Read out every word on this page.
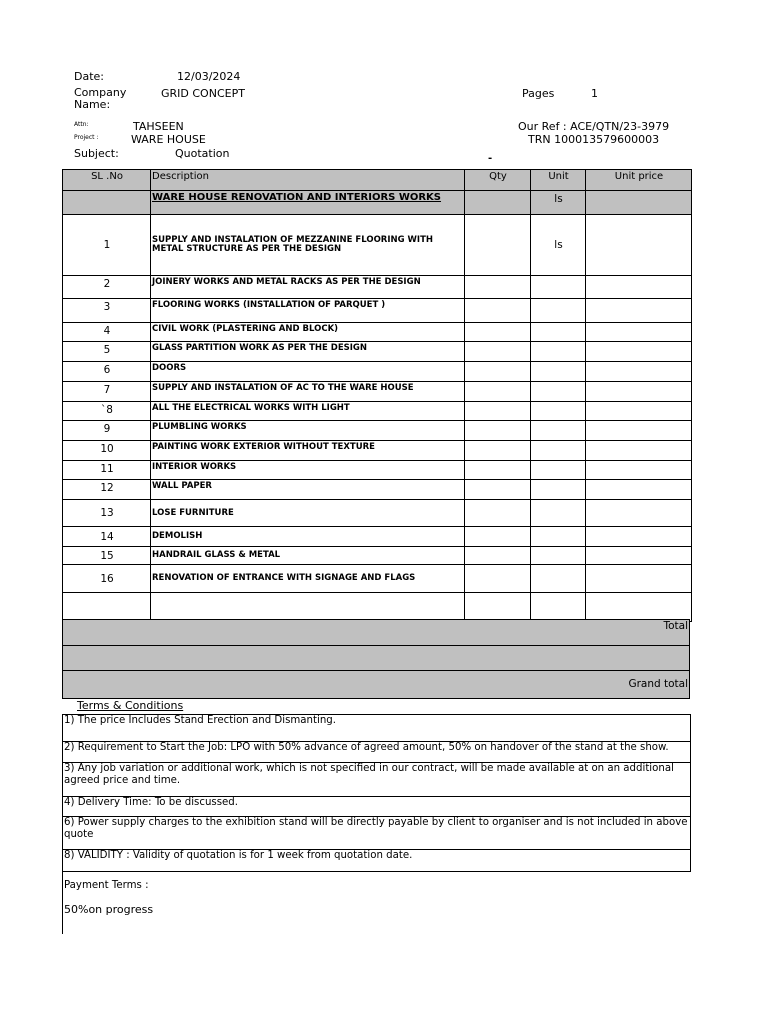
Date:	12/03/2024
Company Name:
GRID CONCEPT	Pages	1
Attn:	TAHSEEN	Our Ref : ACE/QTN/23-3979
Project :	WARE HOUSE	TRN 100013579600003
Subject:	Quotation	-
SL .No	Description	Qty	Unit	Unit price
	WARE HOUSE RENOVATION AND INTERIORS WORKS		ls	
1	SUPPLY AND INSTALATION OF MEZZANINE FLOORING WITH METAL STRUCTURE AS PER THE DESIGN		ls	
2	JOINERY WORKS AND METAL RACKS AS PER THE DESIGN			
3	FLOORING WORKS (INSTALLATION OF PARQUET )			
4	CIVIL WORK (PLASTERING AND BLOCK)			
5	GLASS PARTITION WORK AS PER THE DESIGN			
6	DOORS			
7	SUPPLY AND INSTALATION OF AC TO THE WARE HOUSE			
`8	ALL THE ELECTRICAL WORKS WITH LIGHT			
9	PLUMBLING WORKS			
10	PAINTING WORK EXTERIOR WITHOUT TEXTURE			
11	INTERIOR WORKS			
12	WALL PAPER			
13	LOSE FURNITURE			
14	DEMOLISH			
15	HANDRAIL GLASS & METAL			
16	RENOVATION OF ENTRANCE WITH SIGNAGE AND FLAGS			

Total
Grand total
Terms & Conditions
1) The price Includes Stand Erection and Dismanting.
2) Requirement to Start the Job: LPO with 50% advance of agreed amount, 50% on handover of the stand at the show.
3) Any job variation or additional work, which is not specified in our contract, will be made available at on an additional agreed price and time.
4) Delivery Time: To be discussed.
6) Power supply charges to the exhibition stand will be directly payable by client to organiser and is not included in above quote
8) VALIDITY : Validity of quotation is for 1 week from quotation date.
Payment Terms :
50%on progress
